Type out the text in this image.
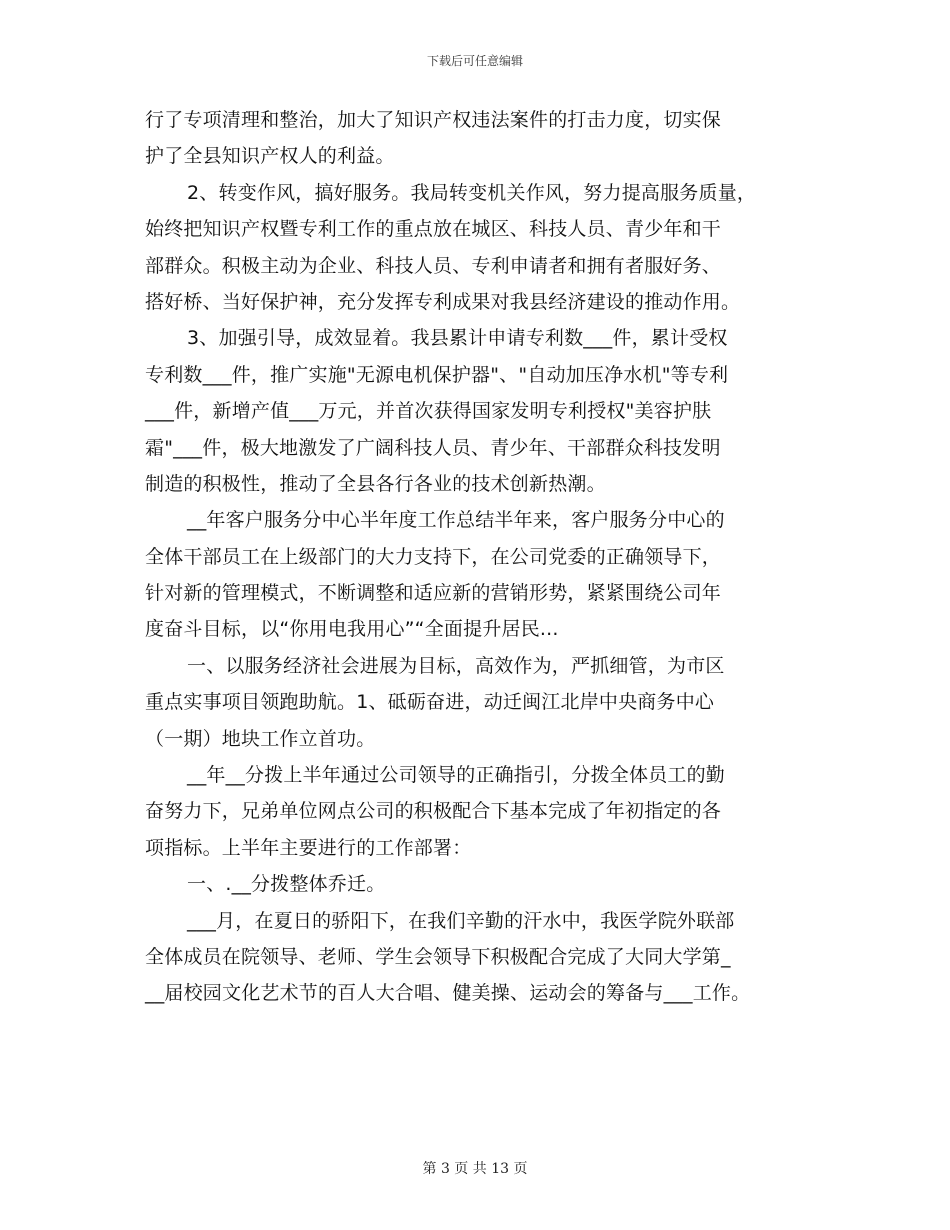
下载后可任意编辑
行了专项清理和整治，加大了知识产权违法案件的打击力度，切实保
护了全县知识产权人的利益。
2、转变作风，搞好服务。我局转变机关作风，努力提高服务质量，
始终把知识产权暨专利工作的重点放在城区、科技人员、青少年和干
部群众。积极主动为企业、科技人员、专利申请者和拥有者服好务、
搭好桥、当好保护神，充分发挥专利成果对我县经济建设的推动作用。
3、加强引导，成效显着。我县累计申请专利数___件，累计受权
专利数___件，推广实施"无源电机保护器"、"自动加压净水机"等专利
___件，新增产值___万元，并首次获得国家发明专利授权"美容护肤
霜"___件，极大地激发了广阔科技人员、青少年、干部群众科技发明
制造的积极性，推动了全县各行各业的技术创新热潮。
__年客户服务分中心半年度工作总结半年来，客户服务分中心的
全体干部员工在上级部门的大力支持下，在公司党委的正确领导下，
针对新的管理模式，不断调整和适应新的营销形势，紧紧围绕公司年
度奋斗目标，以“你用电我用心”“全面提升居民...
一、以服务经济社会进展为目标，高效作为，严抓细管，为市区
重点实事项目领跑助航。1、砥砺奋进，动迁闽江北岸中央商务中心
（一期）地块工作立首功。
__年__分拨上半年通过公司领导的正确指引，分拨全体员工的勤
奋努力下，兄弟单位网点公司的积极配合下基本完成了年初指定的各
项指标。上半年主要进行的工作部署：
一、.__分拨整体乔迁。
___月，在夏日的骄阳下，在我们辛勤的汗水中，我医学院外联部
全体成员在院领导、老师、学生会领导下积极配合完成了大同大学第_
__届校园文化艺术节的百人大合唱、健美操、运动会的筹备与___工作。
第 3 页 共 13 页
